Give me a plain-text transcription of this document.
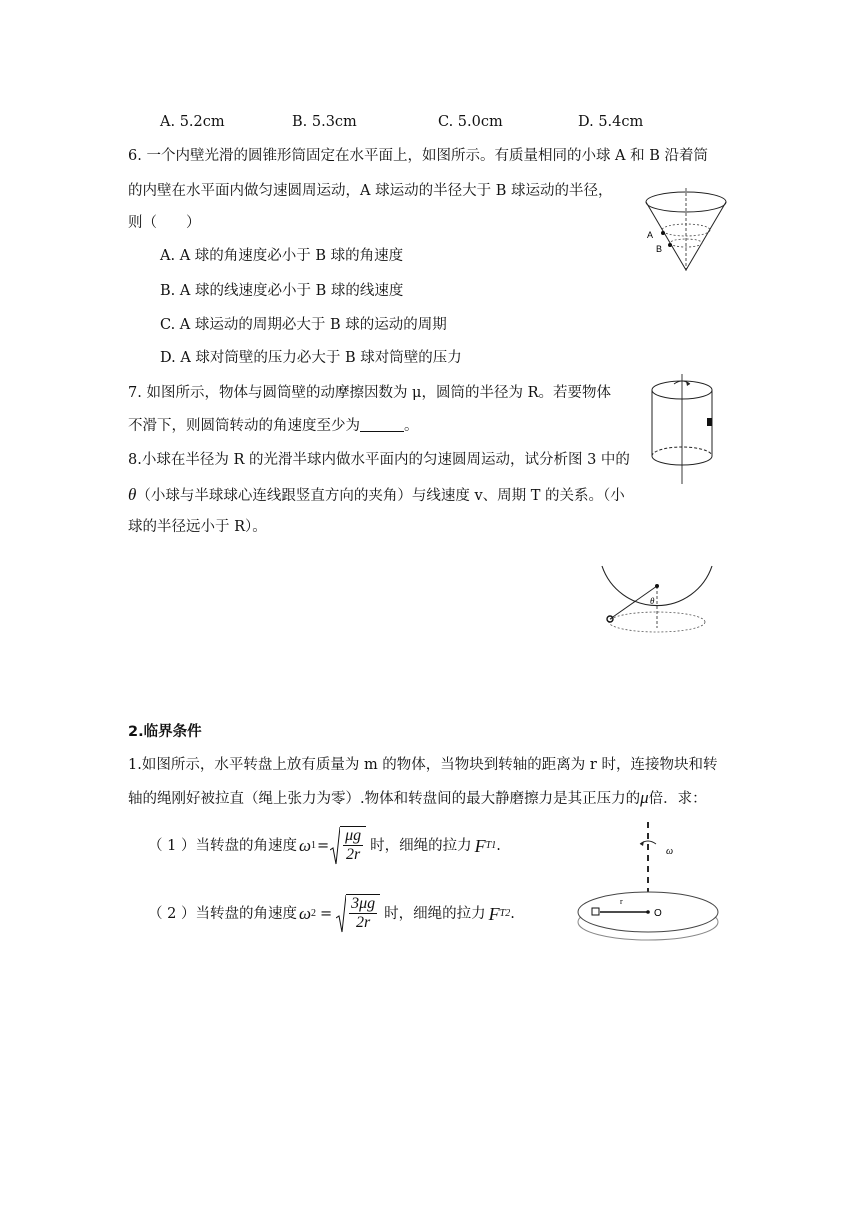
A. 5.2cm	B. 5.3cm	C. 5.0cm	D. 5.4cm
6. 一个内壁光滑的圆锥形筒固定在水平面上，如图所示。有质量相同的小球 A 和 B 沿着筒
的内壁在水平面内做匀速圆周运动，A 球运动的半径大于 B 球运动的半径，
则（　　）
A. A 球的角速度必小于 B 球的角速度
B. A 球的线速度必小于 B 球的线速度
C. A 球运动的周期必大于 B 球的运动的周期
D. A 球对筒壁的压力必大于 B 球对筒壁的压力
A
B
7. 如图所示，物体与圆筒壁的动摩擦因数为 μ，圆筒的半径为 R。若要物体
不滑下，则圆筒转动的角速度至少为	。
8.小球在半径为 R 的光滑半球内做水平面内的匀速圆周运动，试分析图 3 中的
θ（小球与半球球心连线跟竖直方向的夹角）与线速度 v、周期 T 的关系。（小
球的半径远小于 R）。
θ
2.临界条件
1.如图所示，水平转盘上放有质量为 m 的物体，当物块到转轴的距离为 r 时，连接物块和转
轴的绳刚好被拉直（绳上张力为零）.物体和转盘间的最大静磨擦力是其正压力的μ倍．求：
（ 1 ）当转盘的角速度 ω $1 = \frac{\mu g}{2r}$ 时，细绳的拉力 F T1 .
（ 2 ）当转盘的角速度 ω $2 = \frac{3\mu g}{2r}$ 时，细绳的拉力 F T2 .
ω
r
O
